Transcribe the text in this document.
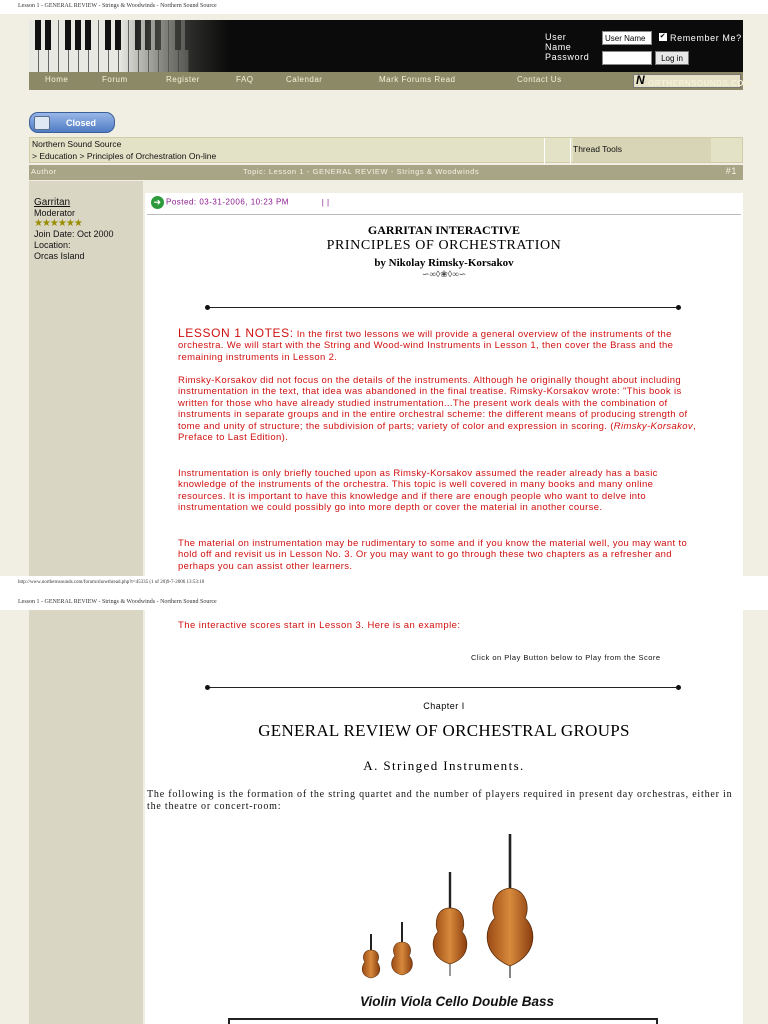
Lesson 1 - GENERAL REVIEW - Strings & Woodwinds - Northern Sound Source
User Name
User Name
✔ Remember Me?
Password	Log in
Home	Forum	Register	FAQ	Calendar	Mark Forums Read	Contact Us	N ORTHERNSOUNDS.COM
Closed
Northern Sound Source
> Education > Principles of Orchestration On-line
Thread Tools
Author	Topic: Lesson 1 - GENERAL REVIEW - Strings & Woodwinds	#1
Garritan
Moderator
★★★★★★
Join Date: Oct 2000
Location:
Orcas Island
➜ Posted: 03-31-2006, 10:23 PM	| |
GARRITAN INTERACTIVE
PRINCIPLES OF ORCHESTRATION
by Nikolay Rimsky-Korsakov
∽∞◊❀◊∞∽
LESSON 1 NOTES: In the first two lessons we will provide a general overview of the instruments of the orchestra. We will start with the String and Wood-wind Instruments in Lesson 1, then cover the Brass and the remaining instruments in Lesson 2.
Rimsky-Korsakov did not focus on the details of the instruments. Although he originally thought about including instrumentation in the text, that idea was abandoned in the final treatise. Rimsky-Korsakov wrote: "This book is written for those who have already studied instrumentation...The present work deals with the combination of instruments in separate groups and in the entire orchestral scheme: the different means of producing strength of tome and unity of structure; the subdivision of parts; variety of color and expression in scoring. (Rimsky-Korsakov, Preface to Last Edition).
Instrumentation is only briefly touched upon as Rimsky-Korsakov assumed the reader already has a basic knowledge of the instruments of the orchestra. This topic is well covered in many books and many online resources. It is important to have this knowledge and if there are enough people who want to delve into instrumentation we could possibly go into more depth or cover the material in another course.
The material on instrumentation may be rudimentary to some and if you know the material well, you may want to hold off and revisit us in Lesson No. 3. Or you may want to go through these two chapters as a refresher and perhaps you can assist other learners.
http://www.northernsounds.com/forum/showthread.php?t=45335 (1 of 20)9-7-2006 13:53:10
Lesson 1 - GENERAL REVIEW - Strings & Woodwinds - Northern Sound Source
The interactive scores start in Lesson 3. Here is an example:
Click on Play Button below to Play from the Score
Chapter I
GENERAL REVIEW OF ORCHESTRAL GROUPS
A. Stringed Instruments.
The following is the formation of the string quartet and the number of players required in present day orchestras, either in the theatre or concert-room:
Violin Viola Cello Double Bass
